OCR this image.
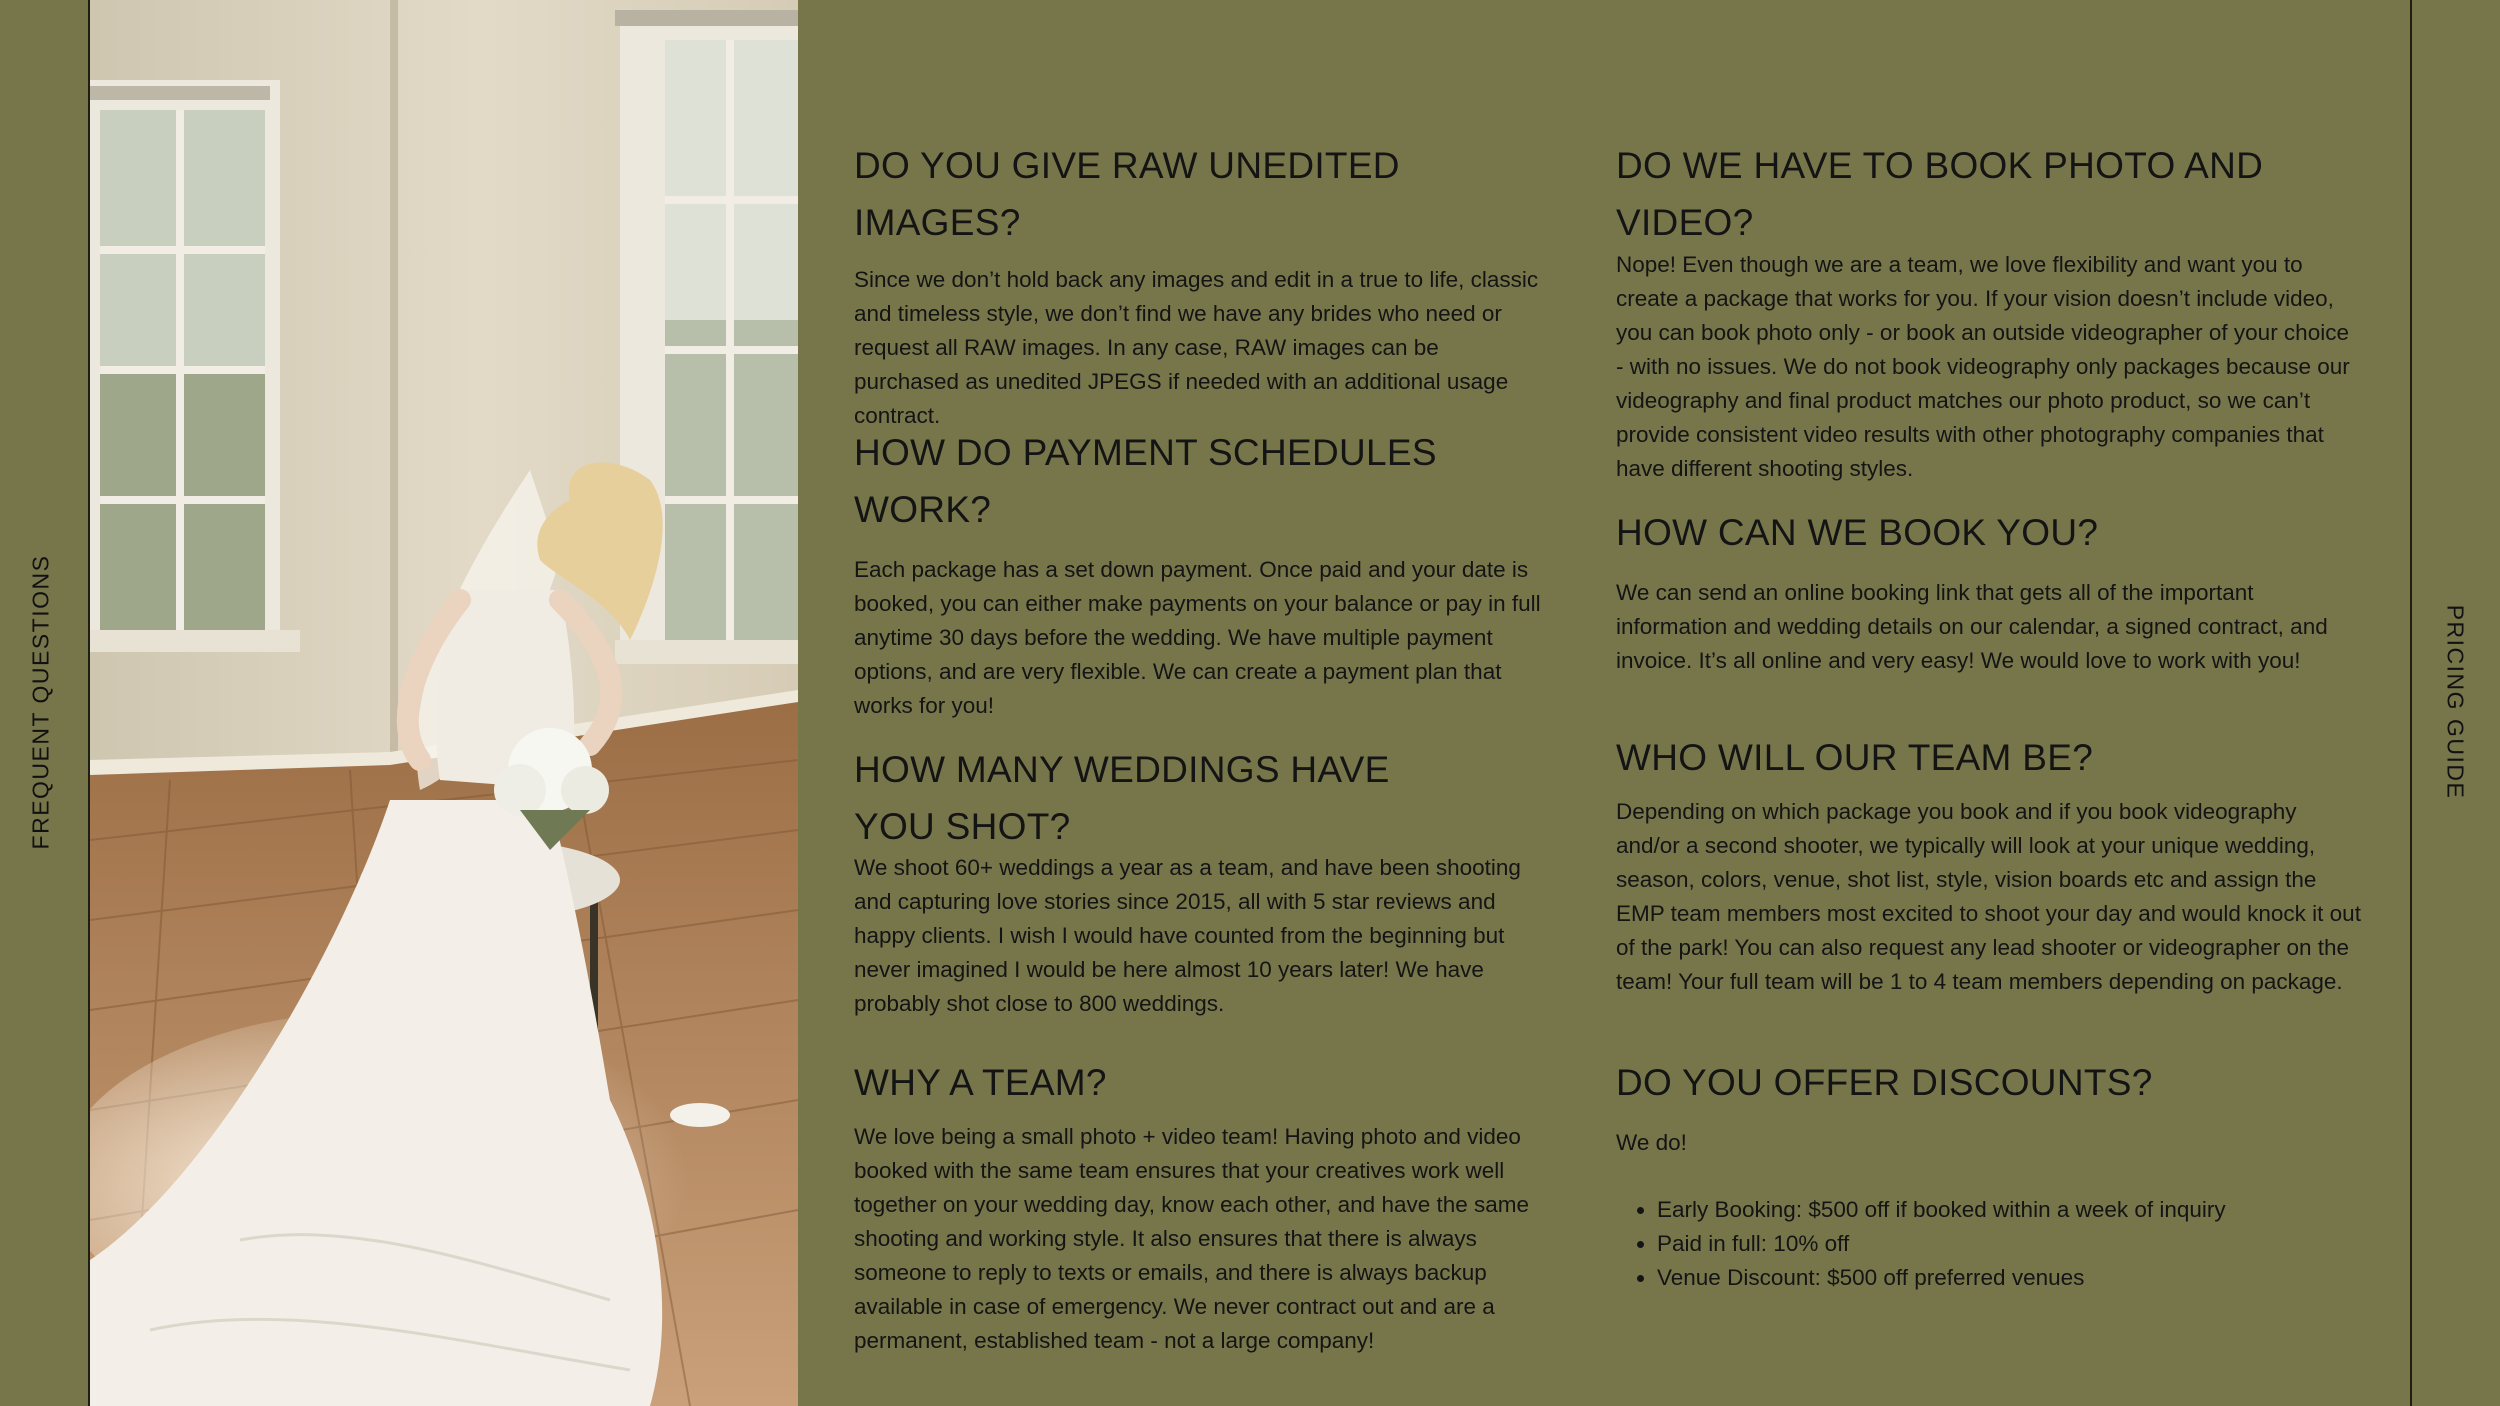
FREQUENT QUESTIONS	PRICING GUIDE
DO YOU GIVE RAW UNEDITED IMAGES?

Since we don’t hold back any images and edit in a true to life, classic and timeless style, we don’t find we have any brides who need or request all RAW images. In any case, RAW images can be purchased as unedited JPEGS if needed with an additional usage contract.

HOW DO PAYMENT SCHEDULES WORK?

Each package has a set down payment. Once paid and your date is booked, you can either make payments on your balance or pay in full anytime 30 days before the wedding. We have multiple payment options, and are very flexible. We can create a payment plan that works for you!

HOW MANY WEDDINGS HAVE YOU SHOT?

We shoot 60+ weddings a year as a team, and have been shooting and capturing love stories since 2015, all with 5 star reviews and happy clients. I wish I would have counted from the beginning but never imagined I would be here almost 10 years later! We have probably shot close to 800 weddings.

WHY A TEAM?

We love being a small photo + video team! Having photo and video booked with the same team ensures that your creatives work well together on your wedding day, know each other, and have the same shooting and working style. It also ensures that there is always someone to reply to texts or emails, and there is always backup available in case of emergency. We never contract out and are a permanent, established team - not a large company!

DO WE HAVE TO BOOK PHOTO AND VIDEO?

Nope! Even though we are a team, we love flexibility and want you to create a package that works for you. If your vision doesn’t include video, you can book photo only - or book an outside videographer of your choice - with no issues. We do not book videography only packages because our videography and final product matches our photo product, so we can’t provide consistent video results with other photography companies that have different shooting styles.

HOW CAN WE BOOK YOU?

We can send an online booking link that gets all of the important information and wedding details on our calendar, a signed contract, and invoice. It’s all online and very easy! We would love to work with you!

WHO WILL OUR TEAM BE?

Depending on which package you book and if you book videography and/or a second shooter, we typically will look at your unique wedding, season, colors, venue, shot list, style, vision boards etc and assign the EMP team members most excited to shoot your day and would knock it out of the park! You can also request any lead shooter or videographer on the team! Your full team will be 1 to 4 team members depending on package.

DO YOU OFFER DISCOUNTS?

We do!

• Early Booking: $500 off if booked within a week of inquiry
• Paid in full: 10% off
• Venue Discount: $500 off preferred venues
